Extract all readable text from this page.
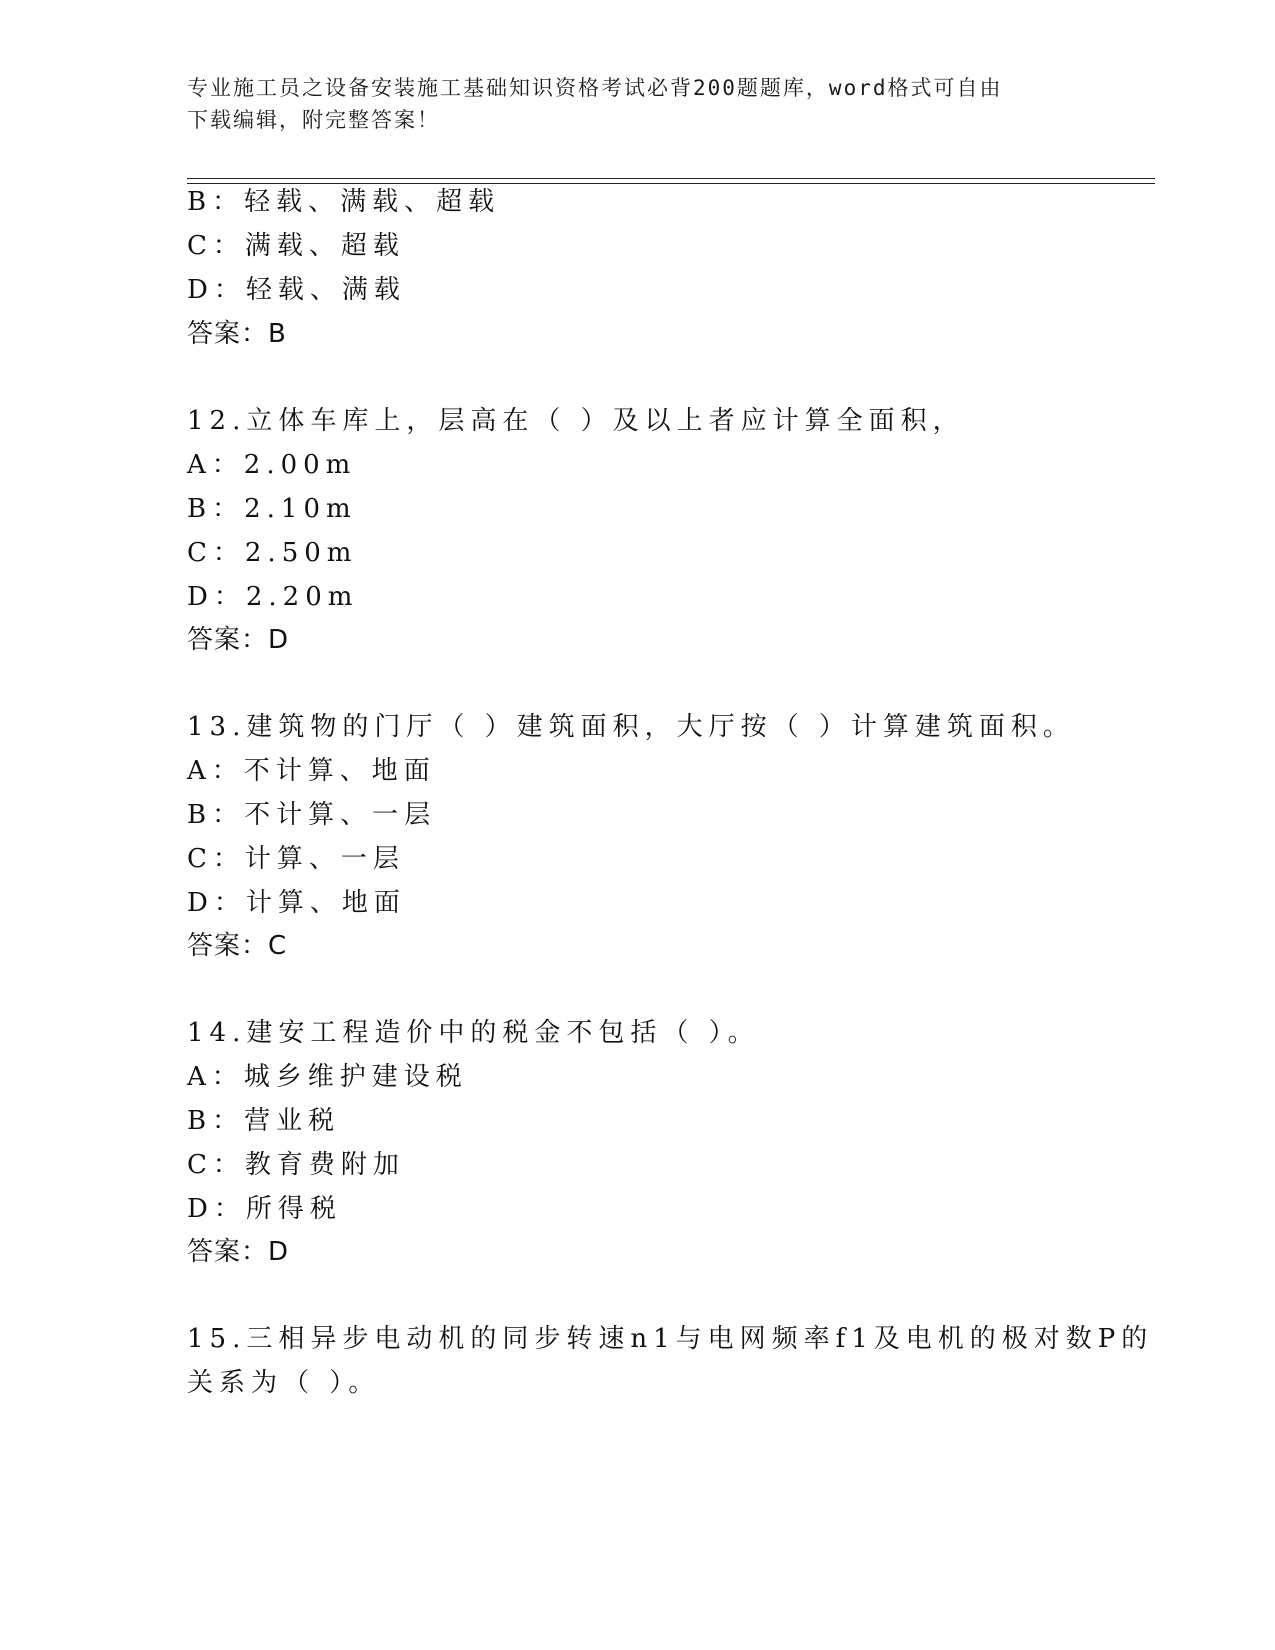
专业施工员之设备安装施工基础知识资格考试必背200题题库，word格式可自由
下载编辑，附完整答案！
B：轻载、满载、超载
C：满载、超载
D：轻载、满载
答案：B
12.立体车库上，层高在（ ）及以上者应计算全面积，
A：2.00m
B：2.10m
C：2.50m
D：2.20m
答案：D
13.建筑物的门厅（ ）建筑面积，大厅按（ ）计算建筑面积。
A：不计算、地面
B：不计算、一层
C：计算、一层
D：计算、地面
答案：C
14.建安工程造价中的税金不包括（ ）。
A：城乡维护建设税
B：营业税
C：教育费附加
D：所得税
答案：D
15.三相异步电动机的同步转速n1与电网频率f1及电机的极对数P的
关系为（ ）。
